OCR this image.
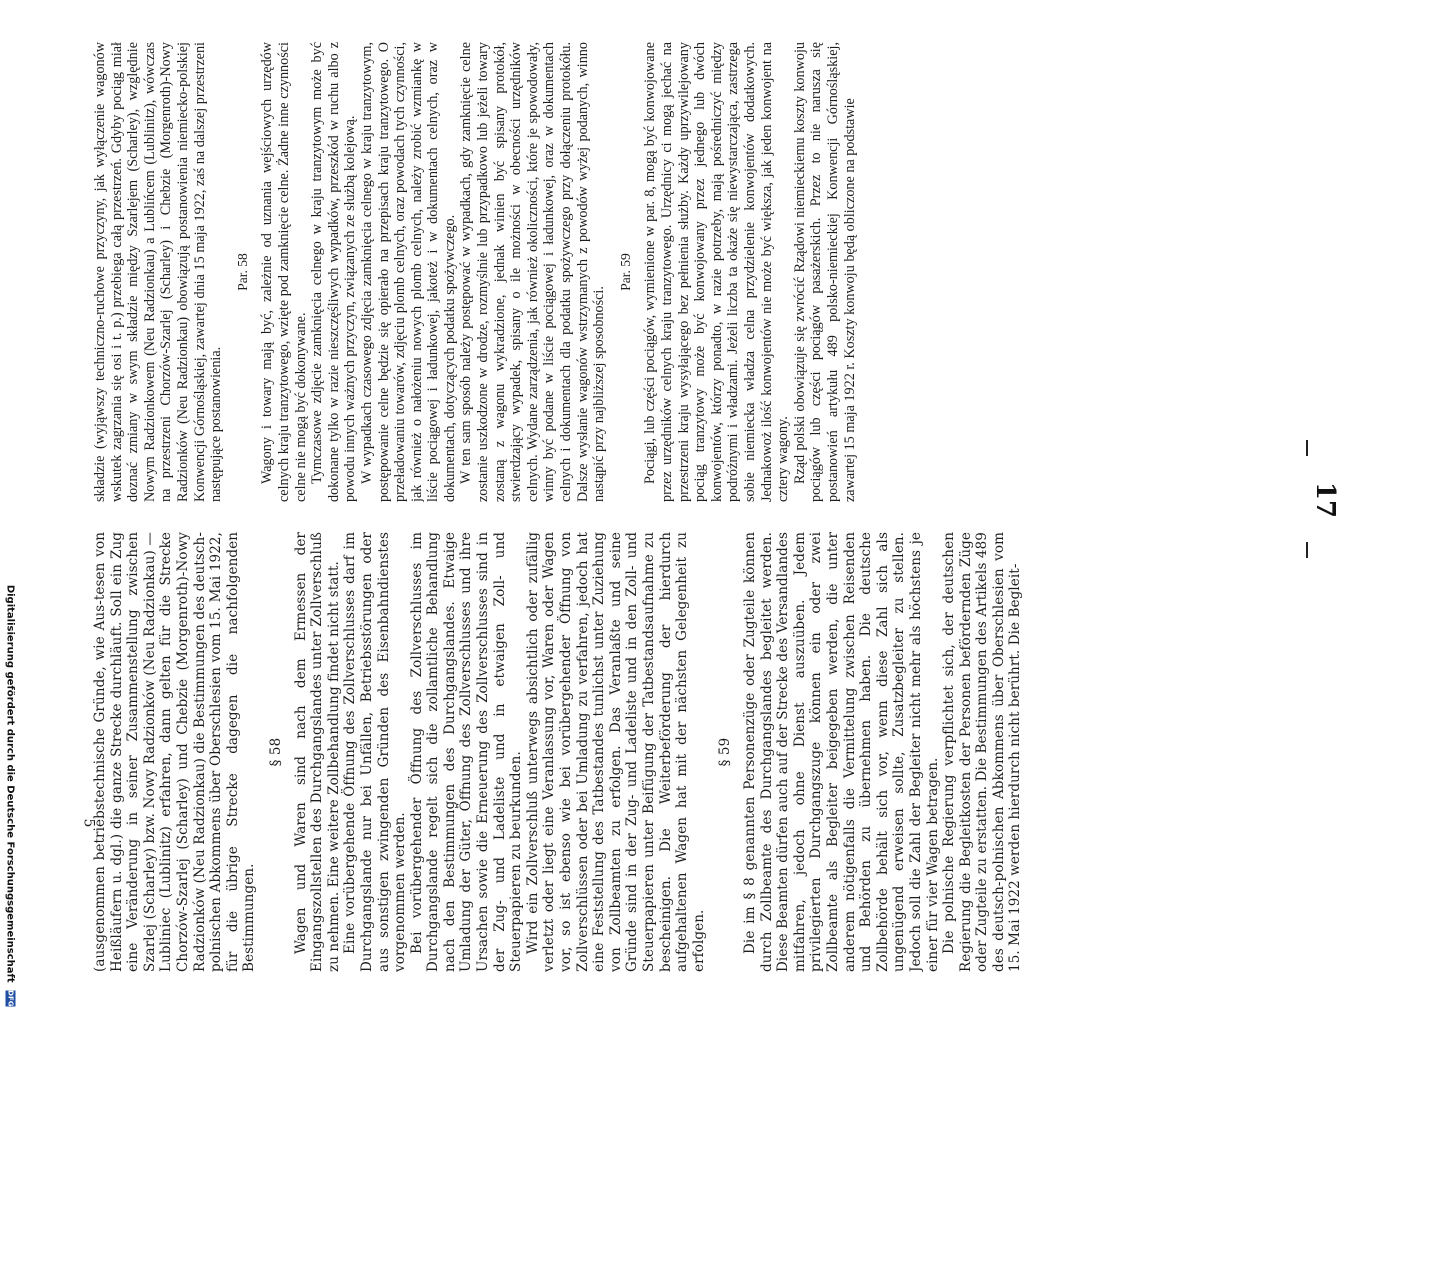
(ausgenommen betriebstechnische Gründe, wie Aus-tesen von Heißläufern u. dgl.) die ganze Strecke durchläuft. Soll ein Zug eine Veränderung in seiner Zusammenstellung zwischen Szarlej (Scharley) bzw. Nowy Radzionków (Neu Radzionkau) — Lubliniec (Lublinitz) erfahren, dann gelten für die Strecke Chorzów-Szarlej (Scharley) und Chebzie (Morgenroth)-Nowy Radzionków (Neu Radzionkau) die Bestimmungen des deutsch-polnischen Abkommens über Oberschlesien vom 15. Mai 1922, für die übrige Strecke dagegen die nachfolgenden Bestimmungen.

§ 58 Wagen und Waren sind nach dem Ermessen der Eingangszollstellen des Durchgangslandes unter Zollverschluß zu nehmen. Eine weitere Zollbehandlung findet nicht statt. Eine vorübergehende Öffnung des Zollverschlusses darf im Durchgangslande nur bei Unfällen, Betriebsstörungen oder aus sonstigen zwingenden Gründen des Eisenbahndienstes vorgenommen werden. Bei vorübergehender Öffnung des Zollverschlusses im Durchgangslande regelt sich die zollamtliche Behandlung nach den Bestimmungen des Durchgangslandes. Etwaige Umladung der Güter, Öffnung des Zollverschlusses und ihre Ursachen sowie die Erneuerung des Zollverschlusses sind in der Zug- und Ladeliste und in etwaigen Zoll- und Steuerpapieren zu beurkunden. Wird ein Zollverschluß unterwegs absichtlich oder zufällig verletzt oder liegt eine Veranlassung vor, Waren oder Wagen vor, so ist ebenso wie bei vorübergehender Öffnung von Zollverschlüssen oder bei Umladung zu verfahren, jedoch hat eine Feststellung des Tatbestandes tunlichst unter Zuziehung von Zollbeamten zu erfolgen. Das Veranlaßte und seine Gründe sind in der Zug- und Ladeliste und in den Zoll- und Steuerpapieren unter Beifügung der Tatbestandsaufnahme zu bescheinigen. Die Weiterbeförderung der hierdurch aufgehaltenen Wagen hat mit der nächsten Gelegenheit zu erfolgen.

§ 59 Die im § 8 genannten Personenzüge oder Zugteile können durch Zollbeamte des Durchgangslandes begleitet werden. Diese Beamten dürfen auch auf der Strecke des Versandlandes mitfahren, jedoch ohne Dienst auszuüben. Jedem privilegierten Durchgangszuge können ein oder zwei Zollbeamte als Begleiter beigegeben werden, die unter anderem nötigenfalls die Vermittelung zwischen Reisenden und Behörden zu übernehmen haben. Die deutsche Zollbehörde behält sich vor, wenn diese Zahl sich als ungenügend erweisen sollte, Zusatzbegleiter zu stellen. Jedoch soll die Zahl der Begleiter nicht mehr als höchstens je einer für vier Wagen betragen. Die polnische Regierung verpflichtet sich, der deutschen Regierung die Begleitkosten der Personen befördernden Züge oder Zugteile zu erstatten. Die Bestimmungen des Artikels 489 des deutsch-polnischen Abkommens über Oberschlesien vom 15. Mai 1922 werden hierdurch nicht berührt. Die Begleit-

składzie (wyjąwszy techniczno-ruchowe przyczyny, jak wyłączenie wagonów wskutek zagrzania się osi i t. p.) przebiega całą przestrzeń. Gdyby pociąg miał doznać zmiany w swym składzie między Szarlejem (Scharley), względnie Nowym Radzionkowem (Neu Radzionkau) a Lublińcem (Lublinitz), wówczas na przestrzeni Chorzów-Szarlej (Scharley) i Chebzie (Morgenroth)-Nowy Radzionków (Neu Radzionkau) obowiązują postanowienia niemiecko-polskiej Konwencji Górnośląskiej, zawartej dnia 15 maja 1922, zaś na dalszej przestrzeni następujące postanowienia.

Par. 58 Wagony i towary mają być, zależnie od uznania wejściowych urzędów celnych kraju tranzytowego, wzięte pod zamknięcie celne. Żadne inne czynności celne nie mogą być dokonywane. Tymczasowe zdjęcie zamknięcia celnego w kraju tranzytowym może być dokonane tylko w razie nieszczęśliwych wypadków, przeszkód w ruchu albo z powodu innych ważnych przyczyn, związanych ze służbą kolejową. W wypadkach czasowego zdjęcia zamknięcia celnego w kraju tranzytowym, postępowanie celne będzie się opierało na przepisach kraju tranzytowego. O przeładowaniu towarów, zdjęciu plomb celnych, oraz powodach tych czynności, jak również o nałożeniu nowych plomb celnych, należy zrobić wzmiankę w liście pociągowej i ładunkowej, jakoteż i w dokumentach celnych, oraz w dokumentach, dotyczących podatku spożywczego. W ten sam sposób należy postępować w wypadkach, gdy zamknięcie celne zostanie uszkodzone w drodze, rozmyślnie lub przypadkowo lub jeżeli towary zostaną z wagonu wykradzione, jednak winien być spisany protokół, stwierdzający wypadek, spisany o ile możności w obecności urzędników celnych. Wydane zarządzenia, jak również okoliczności, które je spowodowały, winny być podane w liście pociągowej i ładunkowej, oraz w dokumentach celnych i dokumentach dla podatku spożywczego przy dołączeniu protokółu. Dalsze wysłanie wagonów wstrzymanych z powodów wyżej podanych, winno nastąpić przy najbliższej sposobności.

Par. 59 Pociągi, lub części pociągów, wymienione w par. 8, mogą być konwojowane przez urzędników celnych kraju tranzytowego. Urzędnicy ci mogą jechać na przestrzeni kraju wysyłającego bez pełnienia służby. Każdy uprzywilejowany pociąg tranzytowy może być konwojowany przez jednego lub dwóch konwojentów, którzy ponadto, w razie potrzeby, mają pośredniczyć między podróżnymi i władzami. Jeżeli liczba ta okaże się niewystarczająca, zastrzega sobie niemiecka władza celna przydzielenie konwojentów dodatkowych. Jednakowoż ilość konwojentów nie może być większa, jak jeden konwojent na cztery wagony. Rząd polski obowiązuje się zwrócić Rządowi niemieckiemu koszty konwoju pociągów lub części pociągów pasażerskich. Przez to nie narusza się postanowień artykułu 489 polsko-niemieckiej Konwencji Górnośląskiej, zawartej 15 maja 1922 r. Koszty konwoju będą obliczone na podstawie	17
5
Digitalisierung gefördert durch die Deutsche Forschungsgemeinschaft DFG
